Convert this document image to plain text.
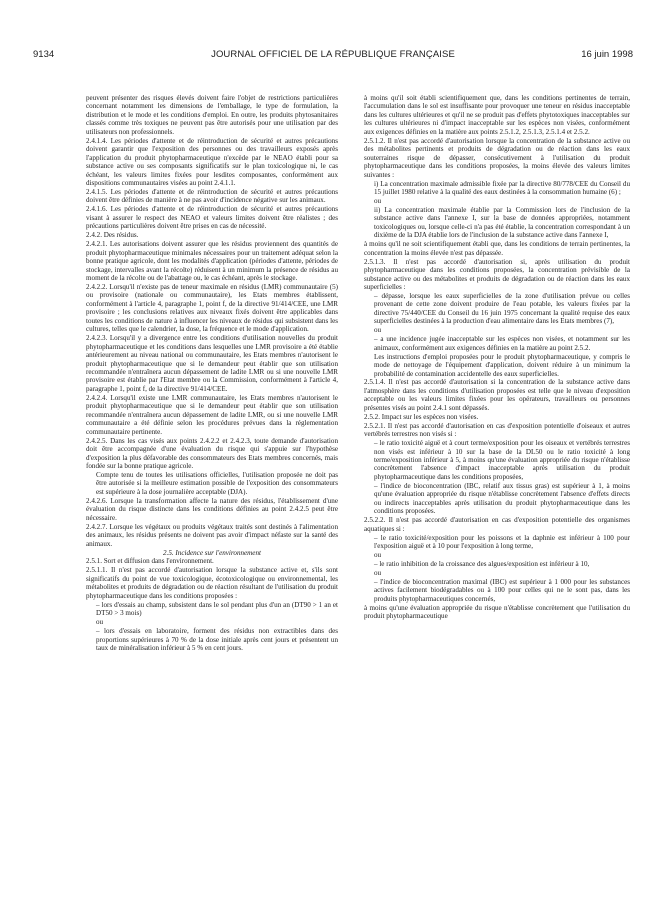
9134	JOURNAL OFFICIEL DE LA RÉPUBLIQUE FRANÇAISE	16 juin 1998

peuvent présenter des risques élevés doivent faire l'objet de restrictions particulières concernant notamment les dimensions de l'emballage, le type de formulation, la distribution et le mode et les conditions d'emploi. En outre, les produits phytosanitaires classés comme très toxiques ne peuvent pas être autorisés pour une utilisation par des utilisateurs non professionnels.

2.4.1.4. Les périodes d'attente et de réintroduction de sécurité et autres précautions doivent garantir que l'exposition des personnes ou des travailleurs exposés après l'application du produit phytopharmaceutique n'excède par le NEAO établi pour sa substance active ou ses composants significatifs sur le plan toxicologique ni, le cas échéant, les valeurs limites fixées pour lesdites composantes, conformément aux dispositions communautaires visées au point 2.4.1.1.

2.4.1.5. Les périodes d'attente et de réintroduction de sécurité et autres précautions doivent être définies de manière à ne pas avoir d'incidence négative sur les animaux.

2.4.1.6. Les périodes d'attente et de réintroduction de sécurité et autres précautions visant à assurer le respect des NEAO et valeurs limites doivent être réalistes ; des précautions particulières doivent être prises en cas de nécessité.

2.4.2. Des résidus.

2.4.2.1. Les autorisations doivent assurer que les résidus proviennent des quantités de produit phytopharmaceutique minimales nécessaires pour un traitement adéquat selon la bonne pratique agricole, dont les modalités d'application (périodes d'attente, périodes de stockage, intervalles avant la récolte) réduisent à un minimum la présence de résidus au moment de la récolte ou de l'abattage ou, le cas échéant, après le stockage.

2.4.2.2. Lorsqu'il n'existe pas de teneur maximale en résidus (LMR) communautaire (5) ou provisoire (nationale ou communautaire), les Etats membres établissent, conformément à l'article 4, paragraphe 1, point f, de la directive 91/414/CEE, une LMR provisoire ; les conclusions relatives aux niveaux fixés doivent être applicables dans toutes les conditions de nature à influencer les niveaux de résidus qui subsistent dans les cultures, telles que le calendrier, la dose, la fréquence et le mode d'application.

2.4.2.3. Lorsqu'il y a divergence entre les conditions d'utilisation nouvelles du produit phytopharmaceutique et les conditions dans lesquelles une LMR provisoire a été établie antérieurement au niveau national ou communautaire, les Etats membres n'autorisent le produit phytopharmaceutique que si le demandeur peut établir que son utilisation recommandée n'entraînera aucun dépassement de ladite LMR ou si une nouvelle LMR provisoire est établie par l'Etat membre ou la Commission, conformément à l'article 4, paragraphe 1, point f, de la directive 91/414/CEE.

2.4.2.4. Lorsqu'il existe une LMR communautaire, les Etats membres n'autorisent le produit phytopharmaceutique que si le demandeur peut établir que son utilisation recommandée n'entraînera aucun dépassement de ladite LMR, ou si une nouvelle LMR communautaire a été définie selon les procédures prévues dans la réglementation communautaire pertinente.

2.4.2.5. Dans les cas visés aux points 2.4.2.2 et 2.4.2.3, toute demande d'autorisation doit être accompagnée d'une évaluation du risque qui s'appuie sur l'hypothèse d'exposition la plus défavorable des consommateurs des Etats membres concernés, mais fondée sur la bonne pratique agricole.

Compte tenu de toutes les utilisations officielles, l'utilisation proposée ne doit pas être autorisée si la meilleure estimation possible de l'exposition des consommateurs est supérieure à la dose journalière acceptable (DJA).

2.4.2.6. Lorsque la transformation affecte la nature des résidus, l'établissement d'une évaluation du risque distincte dans les conditions définies au point 2.4.2.5 peut être nécessaire.

2.4.2.7. Lorsque les végétaux ou produits végétaux traités sont destinés à l'alimentation des animaux, les résidus présents ne doivent pas avoir d'impact néfaste sur la santé des animaux.

2.5. Incidence sur l'environnement

2.5.1. Sort et diffusion dans l'environnement.

2.5.1.1. Il n'est pas accordé d'autorisation lorsque la substance active et, s'ils sont significatifs du point de vue toxicologique, écotoxicologique ou environnemental, les métabolites et produits de dégradation ou de réaction résultant de l'utilisation du produit phytopharmaceutique dans les conditions proposées :

– lors d'essais au champ, subsistent dans le sol pendant plus d'un an (DT90 > 1 an et DT50 > 3 mois)

ou

– lors d'essais en laboratoire, forment des résidus non extractibles dans des proportions supérieures à 70 % de la dose initiale après cent jours et présentent un taux de minéralisation inférieur à 5 % en cent jours.

à moins qu'il soit établi scientifiquement que, dans les conditions pertinentes de terrain, l'accumulation dans le sol est insuffisante pour provoquer une teneur en résidus inacceptable dans les cultures ultérieures et qu'il ne se produit pas d'effets phytotoxiques inacceptables sur les cultures ultérieures ni d'impact inacceptable sur les espèces non visées, conformément aux exigences définies en la matière aux points 2.5.1.2, 2.5.1.3, 2.5.1.4 et 2.5.2.

2.5.1.2. Il n'est pas accordé d'autorisation lorsque la concentration de la substance active ou des métabolites pertinents et produits de dégradation ou de réaction dans les eaux souterraines risque de dépasser, consécutivement à l'utilisation du produit phytopharmaceutique dans les conditions proposées, la moins élevée des valeurs limites suivantes :

i) La concentration maximale admissible fixée par la directive 80/778/CEE du Conseil du 15 juillet 1980 relative à la qualité des eaux destinées à la consommation humaine (6) ;

ou

ii) La concentration maximale établie par la Commission lors de l'inclusion de la substance active dans l'annexe I, sur la base de données appropriées, notamment toxicologiques ou, lorsque celle-ci n'a pas été établie, la concentration correspondant à un dixième de la DJA établie lors de l'inclusion de la substance active dans l'annexe I,

à moins qu'il ne soit scientifiquement établi que, dans les conditions de terrain pertinentes, la concentration la moins élevée n'est pas dépassée.

2.5.1.3. Il n'est pas accordé d'autorisation si, après utilisation du produit phytopharmaceutique dans les conditions proposées, la concentration prévisible de la substance active ou des métabolites et produits de dégradation ou de réaction dans les eaux superficielles :

– dépasse, lorsque les eaux superficielles de la zone d'utilisation prévue ou celles provenant de cette zone doivent produire de l'eau potable, les valeurs fixées par la directive 75/440/CEE du Conseil du 16 juin 1975 concernant la qualité requise des eaux superficielles destinées à la production d'eau alimentaire dans les Etats membres (7),

ou

– a une incidence jugée inacceptable sur les espèces non visées, et notamment sur les animaux, conformément aux exigences définies en la matière au point 2.5.2.

Les instructions d'emploi proposées pour le produit phytopharmaceutique, y compris le mode de nettoyage de l'équipement d'application, doivent réduire à un minimum la probabilité de contamination accidentelle des eaux superficielles.

2.5.1.4. Il n'est pas accordé d'autorisation si la concentration de la substance active dans l'atmosphère dans les conditions d'utilisation proposées est telle que le niveau d'exposition acceptable ou les valeurs limites fixées pour les opérateurs, travailleurs ou personnes présentes visés au point 2.4.1 sont dépassés.

2.5.2. Impact sur les espèces non visées.

2.5.2.1. Il n'est pas accordé d'autorisation en cas d'exposition potentielle d'oiseaux et autres vertébrés terrestres non visés si :

– le ratio toxicité aiguë et à court terme/exposition pour les oiseaux et vertébrés terrestres non visés est inférieur à 10 sur la base de la DL50 ou le ratio toxicité à long terme/exposition inférieur à 5, à moins qu'une évaluation appropriée du risque n'établisse concrètement l'absence d'impact inacceptable après utilisation du produit phytopharmaceutique dans les conditions proposées,

– l'indice de bioconcentration (IBC, relatif aux tissus gras) est supérieur à 1, à moins qu'une évaluation appropriée du risque n'établisse concrètement l'absence d'effets directs ou indirects inacceptables après utilisation du produit phytopharmaceutique dans les conditions proposées.

2.5.2.2. Il n'est pas accordé d'autorisation en cas d'exposition potentielle des organismes aquatiques si :

– le ratio toxicité/exposition pour les poissons et la daphnie est inférieur à 100 pour l'exposition aiguë et à 10 pour l'exposition à long terme,

ou

– le ratio inhibition de la croissance des algues/exposition est inférieur à 10,

ou

– l'indice de bioconcentration maximal (IBC) est supérieur à 1 000 pour les substances actives facilement biodégradables ou à 100 pour celles qui ne le sont pas, dans les produits phytopharmaceutiques concernés,

à moins qu'une évaluation appropriée du risque n'établisse concrètement que l'utilisation du produit phytopharmaceutique
